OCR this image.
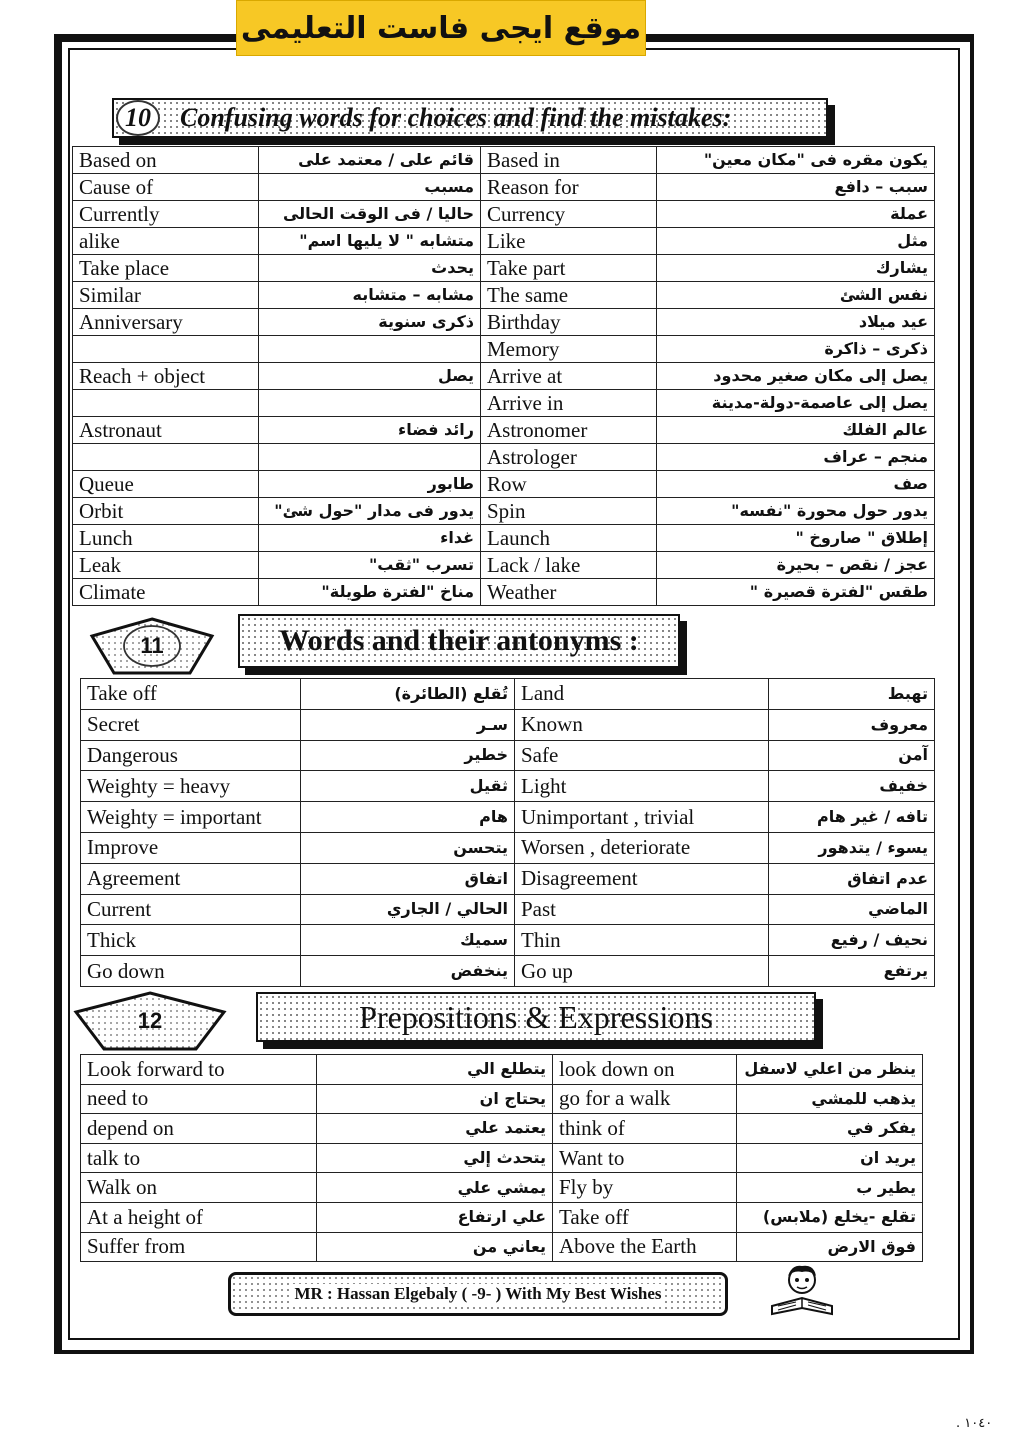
موقع ايجى فاست التعليمى
Confusing words for choices and find the mistakes:
10
Based on	قائم على / معتمد على	Based in	يكون مقره فى "مكان معين"
Cause of	مسبب	Reason for	سبب – دافع
Currently	حاليا / فى الوقت الحالى	Currency	عملة
alike	متشابه " لا يليها اسم"	Like	مثل
Take place	يحدث	Take part	يشارك
Similar	مشابه – متشابه	The same	نفس الشئ
Anniversary	ذكرى سنوية	Birthday	عيد ميلاد
		Memory	ذكرى – ذاكرة
Reach + object	يصل	Arrive at	يصل إلى مكان صغير محدود
		Arrive in	يصل إلى عاصمة-دولة-مدينة
Astronaut	رائد فضاء	Astronomer	عالم الفلك
		Astrologer	منجم – عراف
Queue	طابور	Row	صف
Orbit	يدور فى مدار "حول شئ"	Spin	يدور حول محورة "نفسه"
Lunch	غداء	Launch	إطلاق " صاروخ "
Leak	تسرب "ثقب"	Lack / lake	عجز / نقص – بحيرة
Climate	مناخ "لفترة طويلة"	Weather	طقس "لفترة قصيرة "
11	Words and their antonyms :
Take off	تُقلع (الطائرة)	Land	تهبط
Secret	سـر	Known	معروف
Dangerous	خطير	Safe	آمن
Weighty = heavy	ثقيل	Light	خفيف
Weighty = important	هام	Unimportant , trivial	تافه / غير هام
Improve	يتحسن	Worsen , deteriorate	يسوء / يتدهور
Agreement	اتفاق	Disagreement	عدم اتفاق
Current	الحالي / الجاري	Past	الماضي
Thick	سميك	Thin	نحيف / رفيع
Go down	ينخفض	Go up	يرتفع
12	Prepositions & Expressions
Look forward to	يتطلع الي	look down on	ينظر من اعلي لاسفل
need to	يحتاج ان	go for a walk	يذهب للمشي
depend on	يعتمد علي	think of	يفكر في
talk to	يتحدث إلي	Want to	يريد ان
Walk on	يمشي علي	Fly by	يطير ب
At a height of	علي ارتفاع	Take off	تقلع -يخلع (ملابس)
Suffer from	يعاني من	Above the Earth	فوق الارض
MR : Hassan Elgebaly ( -9- ) With My Best Wishes
١٠٤٠ .
